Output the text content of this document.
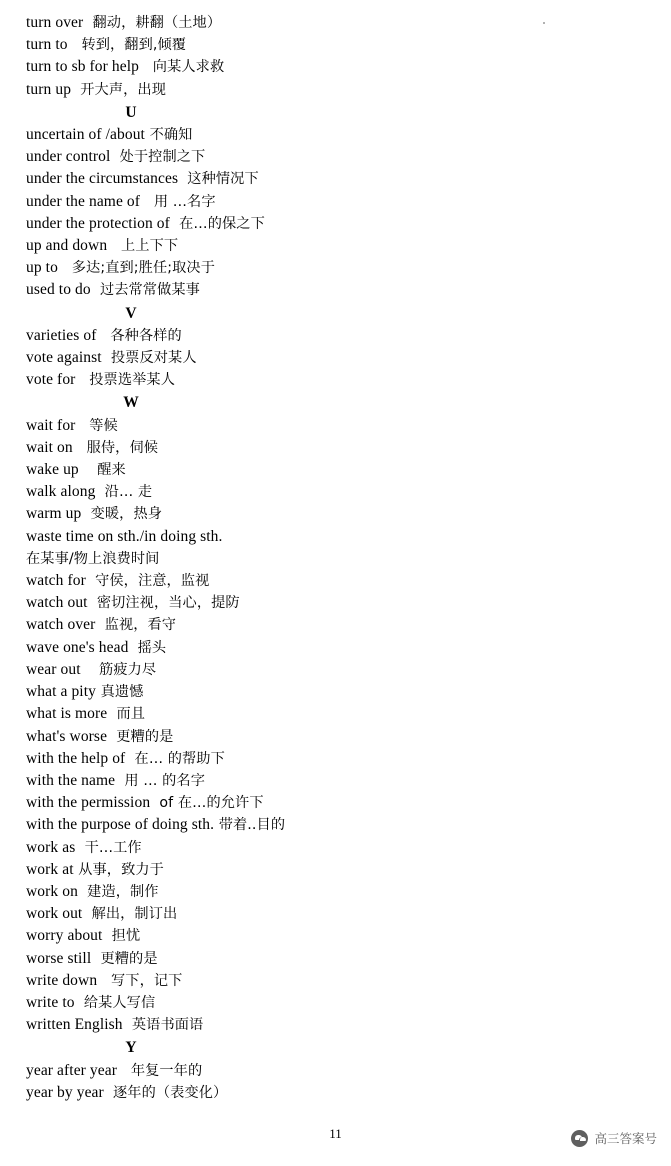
turn over  翻动，耕翻（土地）
turn to   转到，翻到,倾覆
turn to sb for help   向某人求救
turn up  开大声，出现
U
uncertain of /about 不确知
under control  处于控制之下
under the circumstances  这种情况下
under the name of   用 …名字
under the protection of  在…的保之下
up and down   上上下下
up to   多达;直到;胜任;取决于
used to do  过去常常做某事
V
varieties of   各种各样的
vote against  投票反对某人
vote for   投票选举某人
W
wait for   等候
wait on   服侍，伺候
wake up    醒来
walk along  沿… 走
warm up  变暖，热身
waste time on sth./in doing sth.
在某事/物上浪费时间
watch for  守侯，注意，监视
watch out  密切注视，当心，提防
watch over  监视，看守
wave one's head  摇头
wear out    筋疲力尽
what a pity 真遗憾
what is more  而且
what's worse  更糟的是
with the help of  在… 的帮助下
with the name  用 … 的名字
with the permission  of 在…的允许下
with the purpose of doing sth. 带着..目的
work as  干…工作
work at 从事，致力于
work on  建造，制作
work out  解出，制订出
worry about  担忧
worse still  更糟的是
write down   写下，记下
write to  给某人写信
written English  英语书面语
Y
year after year   年复一年的
year by year  逐年的（表变化）
11	高三答案号
